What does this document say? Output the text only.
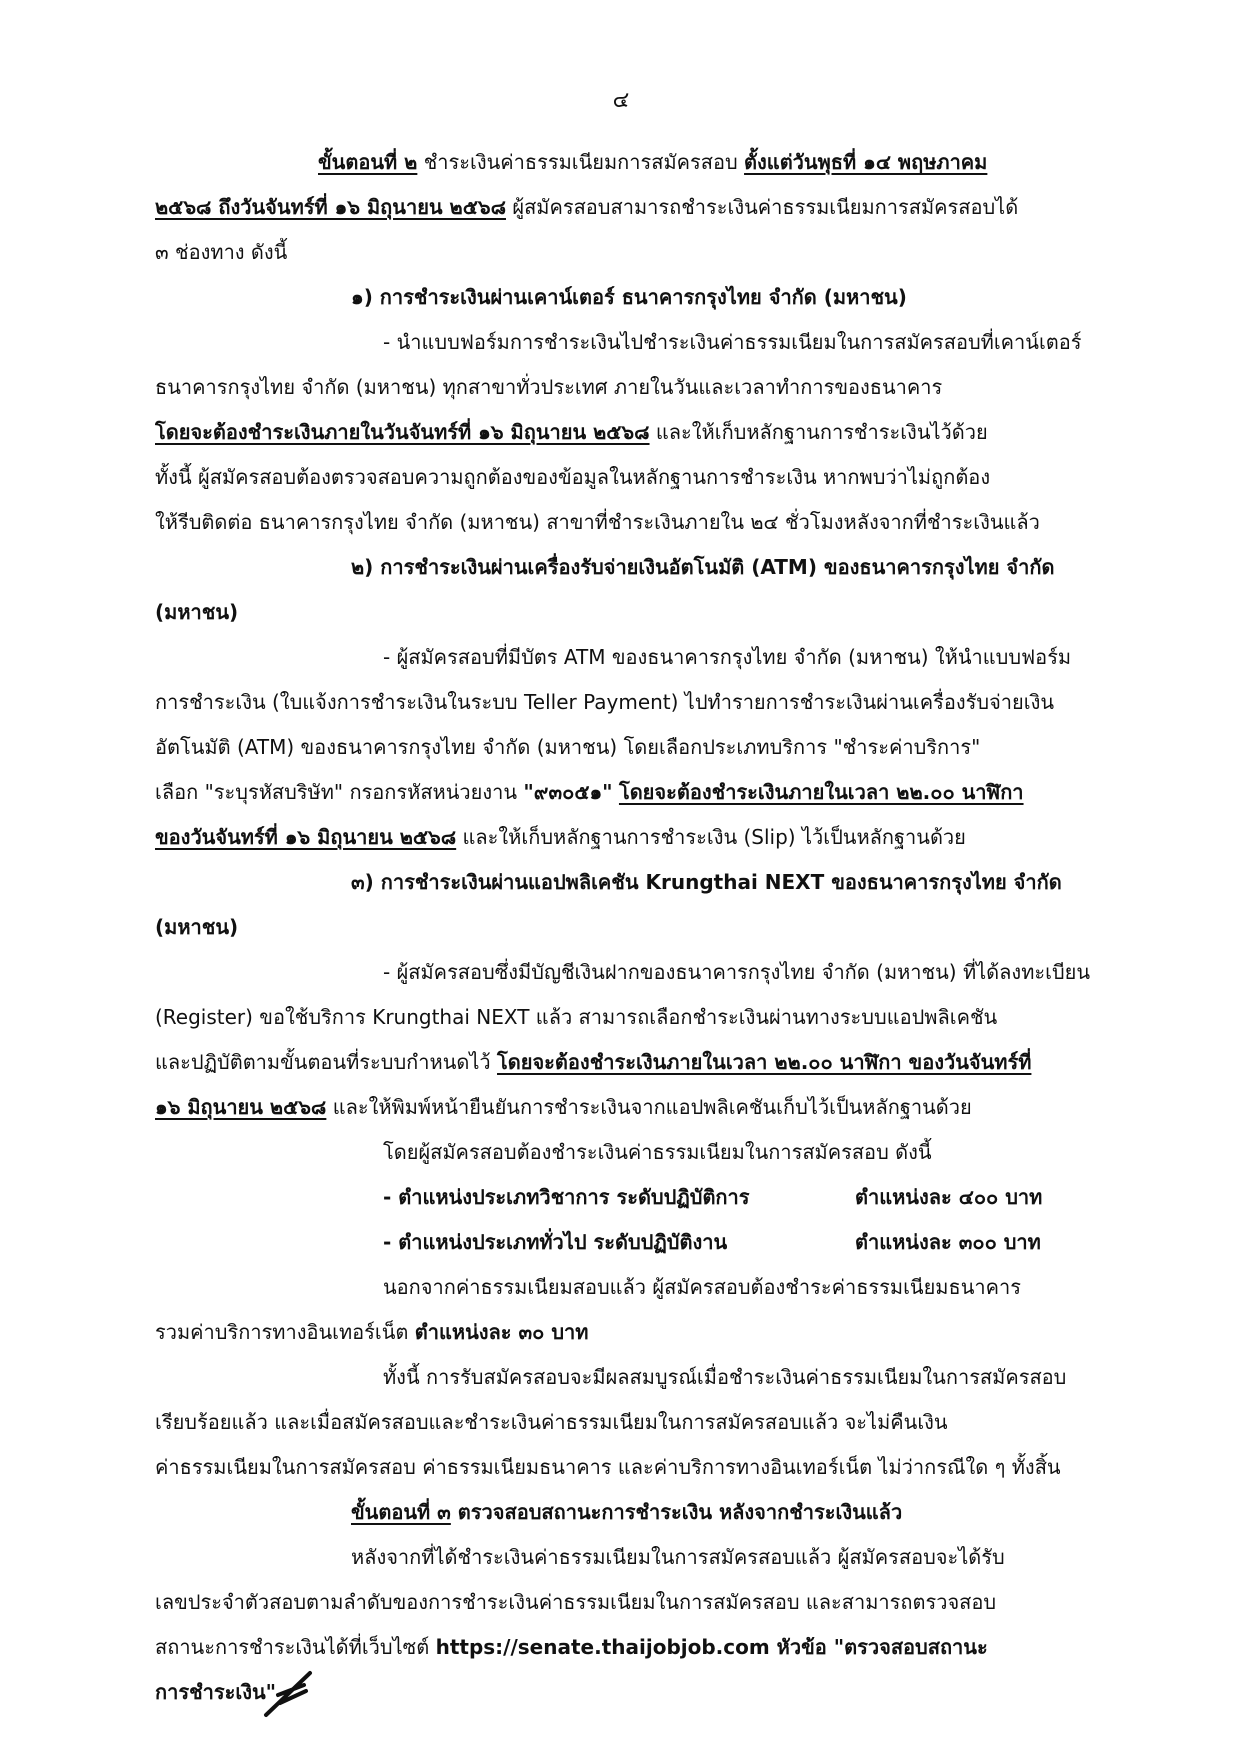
๔
ขั้นตอนที่ ๒ ชำระเงินค่าธรรมเนียมการสมัครสอบ ตั้งแต่วันพุธที่ ๑๔ พฤษภาคม
๒๕๖๘ ถึงวันจันทร์ที่ ๑๖ มิถุนายน ๒๕๖๘ ผู้สมัครสอบสามารถชำระเงินค่าธรรมเนียมการสมัครสอบได้
๓ ช่องทาง ดังนี้
๑) การชำระเงินผ่านเคาน์เตอร์ ธนาคารกรุงไทย จำกัด (มหาชน)
- นำแบบฟอร์มการชำระเงินไปชำระเงินค่าธรรมเนียมในการสมัครสอบที่เคาน์เตอร์
ธนาคารกรุงไทย จำกัด (มหาชน) ทุกสาขาทั่วประเทศ ภายในวันและเวลาทำการของธนาคาร
โดยจะต้องชำระเงินภายในวันจันทร์ที่ ๑๖ มิถุนายน ๒๕๖๘ และให้เก็บหลักฐานการชำระเงินไว้ด้วย
ทั้งนี้ ผู้สมัครสอบต้องตรวจสอบความถูกต้องของข้อมูลในหลักฐานการชำระเงิน หากพบว่าไม่ถูกต้อง
ให้รีบติดต่อ ธนาคารกรุงไทย จำกัด (มหาชน) สาขาที่ชำระเงินภายใน ๒๔ ชั่วโมงหลังจากที่ชำระเงินแล้ว
๒) การชำระเงินผ่านเครื่องรับจ่ายเงินอัตโนมัติ (ATM) ของธนาคารกรุงไทย จำกัด
(มหาชน)
- ผู้สมัครสอบที่มีบัตร ATM ของธนาคารกรุงไทย จำกัด (มหาชน) ให้นำแบบฟอร์ม
การชำระเงิน (ใบแจ้งการชำระเงินในระบบ Teller Payment) ไปทำรายการชำระเงินผ่านเครื่องรับจ่ายเงิน
อัตโนมัติ (ATM) ของธนาคารกรุงไทย จำกัด (มหาชน) โดยเลือกประเภทบริการ "ชำระค่าบริการ"
เลือก "ระบุรหัสบริษัท" กรอกรหัสหน่วยงาน "๙๓๐๕๑" โดยจะต้องชำระเงินภายในเวลา ๒๒.๐๐ นาฬิกา
ของวันจันทร์ที่ ๑๖ มิถุนายน ๒๕๖๘ และให้เก็บหลักฐานการชำระเงิน (Slip) ไว้เป็นหลักฐานด้วย
๓) การชำระเงินผ่านแอปพลิเคชัน Krungthai NEXT ของธนาคารกรุงไทย จำกัด
(มหาชน)
- ผู้สมัครสอบซึ่งมีบัญชีเงินฝากของธนาคารกรุงไทย จำกัด (มหาชน) ที่ได้ลงทะเบียน
(Register) ขอใช้บริการ Krungthai NEXT แล้ว สามารถเลือกชำระเงินผ่านทางระบบแอปพลิเคชัน
และปฏิบัติตามขั้นตอนที่ระบบกำหนดไว้ โดยจะต้องชำระเงินภายในเวลา ๒๒.๐๐ นาฬิกา ของวันจันทร์ที่
๑๖ มิถุนายน ๒๕๖๘ และให้พิมพ์หน้ายืนยันการชำระเงินจากแอปพลิเคชันเก็บไว้เป็นหลักฐานด้วย
โดยผู้สมัครสอบต้องชำระเงินค่าธรรมเนียมในการสมัครสอบ ดังนี้
- ตำแหน่งประเภทวิชาการ ระดับปฏิบัติการ	ตำแหน่งละ ๔๐๐ บาท
- ตำแหน่งประเภททั่วไป ระดับปฏิบัติงาน	ตำแหน่งละ ๓๐๐ บาท
นอกจากค่าธรรมเนียมสอบแล้ว ผู้สมัครสอบต้องชำระค่าธรรมเนียมธนาคาร
รวมค่าบริการทางอินเทอร์เน็ต ตำแหน่งละ ๓๐ บาท
ทั้งนี้ การรับสมัครสอบจะมีผลสมบูรณ์เมื่อชำระเงินค่าธรรมเนียมในการสมัครสอบ
เรียบร้อยแล้ว และเมื่อสมัครสอบและชำระเงินค่าธรรมเนียมในการสมัครสอบแล้ว จะไม่คืนเงิน
ค่าธรรมเนียมในการสมัครสอบ ค่าธรรมเนียมธนาคาร และค่าบริการทางอินเทอร์เน็ต ไม่ว่ากรณีใด ๆ ทั้งสิ้น
ขั้นตอนที่ ๓ ตรวจสอบสถานะการชำระเงิน หลังจากชำระเงินแล้ว
หลังจากที่ได้ชำระเงินค่าธรรมเนียมในการสมัครสอบแล้ว ผู้สมัครสอบจะได้รับ
เลขประจำตัวสอบตามลำดับของการชำระเงินค่าธรรมเนียมในการสมัครสอบ และสามารถตรวจสอบ
สถานะการชำระเงินได้ที่เว็บไซต์ https://senate.thaijobjob.com หัวข้อ "ตรวจสอบสถานะ
การชำระเงิน"
